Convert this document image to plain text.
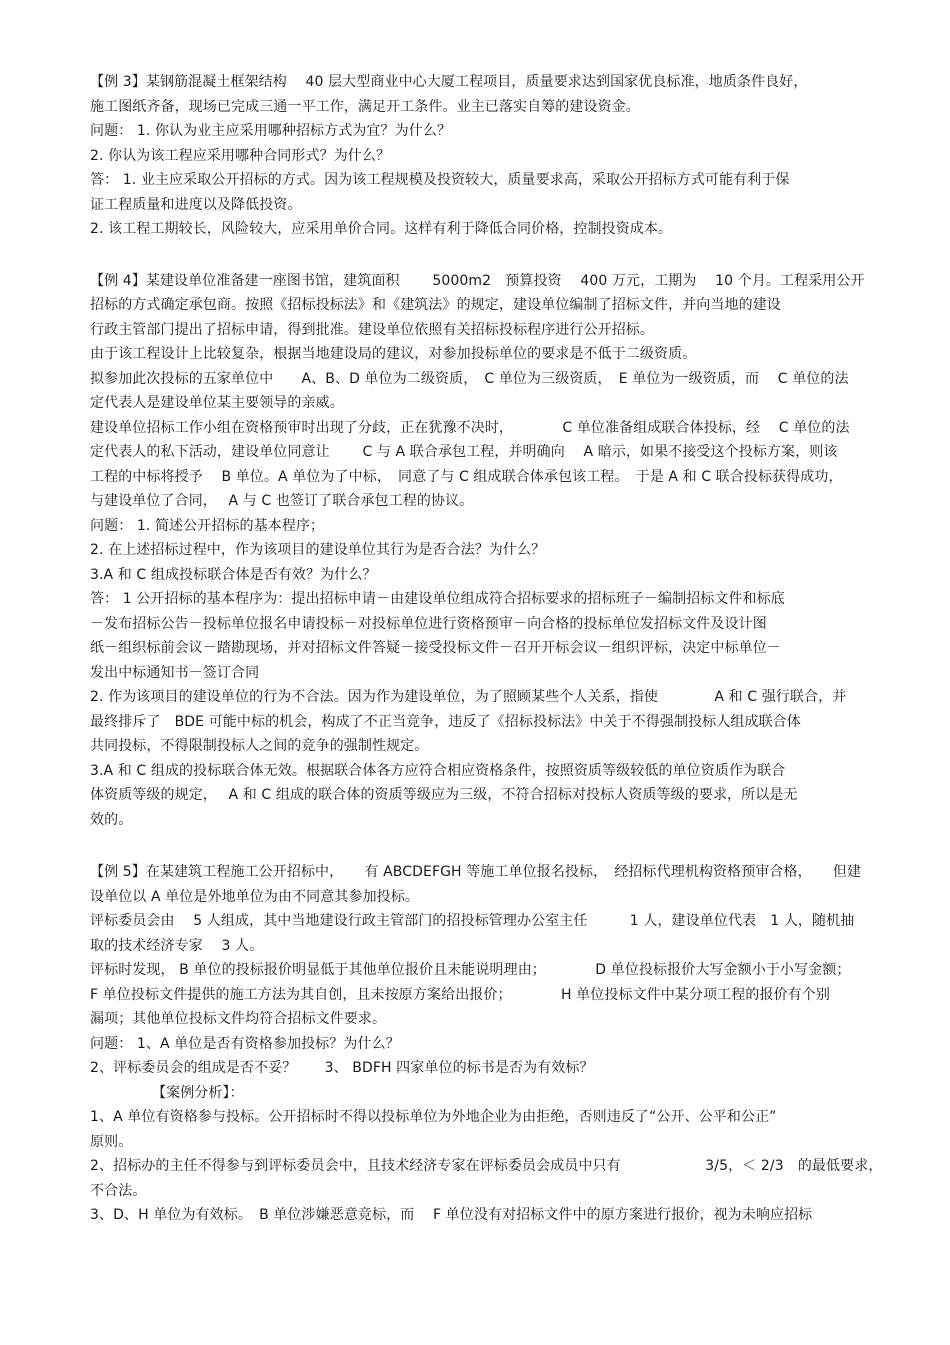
【例 3】某钢筋混凝土框架结构　 40 层大型商业中心大厦工程项目，质量要求达到国家优良标准，地质条件良好，
施工图纸齐备，现场已完成三通一平工作，满足开工条件。业主已落实自筹的建设资金。
问题： 1. 你认为业主应采用哪种招标方式为宜？为什么？
2. 你认为该工程应采用哪种合同形式？为什么？
答： 1. 业主应采取公开招标的方式。因为该工程规模及投资较大，质量要求高，采取公开招标方式可能有利于保
证工程质量和进度以及降低投资。
2. 该工程工期较长，风险较大，应采用单价合同。这样有利于降低合同价格，控制投资成本。
【例 4】某建设单位准备建一座图书馆，建筑面积　　 5000m2　预算投资　 400 万元，工期为　 10 个月。工程采用公开
招标的方式确定承包商。按照《招标投标法》和《建筑法》的规定，建设单位编制了招标文件，并向当地的建设
行政主管部门提出了招标申请，得到批准。建设单位依照有关招标投标程序进行公开招标。
由于该工程设计上比较复杂，根据当地建设局的建议，对参加投标单位的要求是不低于二级资质。
拟参加此次投标的五家单位中　　A、B、D 单位为二级资质，　C 单位为三级资质，　E 单位为一级资质，而　 C 单位的法
定代表人是建设单位某主要领导的亲威。
建设单位招标工作小组在资格预审时出现了分歧，正在犹豫不决时，　　　　C 单位准备组成联合体投标，经　 C 单位的法
定代表人的私下活动，建设单位同意让　　 C 与 A 联合承包工程，并明确向　 A 暗示，如果不接受这个投标方案，则该
工程的中标将授予　 B 单位。A 单位为了中标，　同意了与 C 组成联合体承包该工程。　于是 A 和 C 联合投标获得成功，
与建设单位了合同，　 A 与 C 也签订了联合承包工程的协议。
问题： 1. 简述公开招标的基本程序；
2. 在上述招标过程中，作为该项目的建设单位其行为是否合法？为什么？
3.A 和 C 组成投标联合体是否有效？为什么？
答： 1 公开招标的基本程序为：提出招标申请－由建设单位组成符合招标要求的招标班子－编制招标文件和标底
－发布招标公告－投标单位报名申请投标－对投标单位进行资格预审－向合格的投标单位发招标文件及设计图
纸－组织标前会议－踏勘现场，并对招标文件答疑－接受投标文件－召开开标会议－组织评标，决定中标单位－
发出中标通知书－签订合同
2. 作为该项目的建设单位的行为不合法。因为作为建设单位，为了照顾某些个人关系，指使　　　　A 和 C 强行联合，并
最终排斥了　BDE 可能中标的机会，构成了不正当竞争，违反了《招标投标法》中关于不得强制投标人组成联合体
共同投标，不得限制投标人之间的竞争的强制性规定。
3.A 和 C 组成的投标联合体无效。根据联合体各方应符合相应资格条件，按照资质等级较低的单位资质作为联合
体资质等级的规定，　 A 和 C 组成的联合体的资质等级应为三级，不符合招标对投标人资质等级的要求，所以是无
效的。
【例 5】在某建筑工程施工公开招标中，　　有 ABCDEFGH 等施工单位报名投标，　经招标代理机构资格预审合格，　　但建
设单位以 A 单位是外地单位为由不同意其参加投标。
评标委员会由　 5 人组成，其中当地建设行政主管部门的招投标管理办公室主任　　　1 人，建设单位代表　1 人，随机抽
取的技术经济专家　 3 人。
评标时发现， B 单位的投标报价明显低于其他单位报价且未能说明理由；　　　　D 单位投标报价大写金额小于小写金额；
F 单位投标文件提供的施工方法为其自创，且未按原方案给出报价；　　　　H 单位投标文件中某分项工程的报价有个别
漏项；其他单位投标文件均符合招标文件要求。
问题： 1、A 单位是否有资格参加投标？为什么？
2、评标委员会的组成是否不妥？　　3、 BDFH 四家单位的标书是否为有效标？
【案例分析】：
1、A 单位有资格参与投标。公开招标时不得以投标单位为外地企业为由拒绝，否则违反了“公开、公平和公正”
原则。
2、招标办的主任不得参与到评标委员会中，且技术经济专家在评标委员会成员中只有　　　　　　3/5，＜ 2/3　的最低要求，
不合法。
3、D、H 单位为有效标。　B 单位涉嫌恶意竞标，而　 F 单位没有对招标文件中的原方案进行报价，视为未响应招标
